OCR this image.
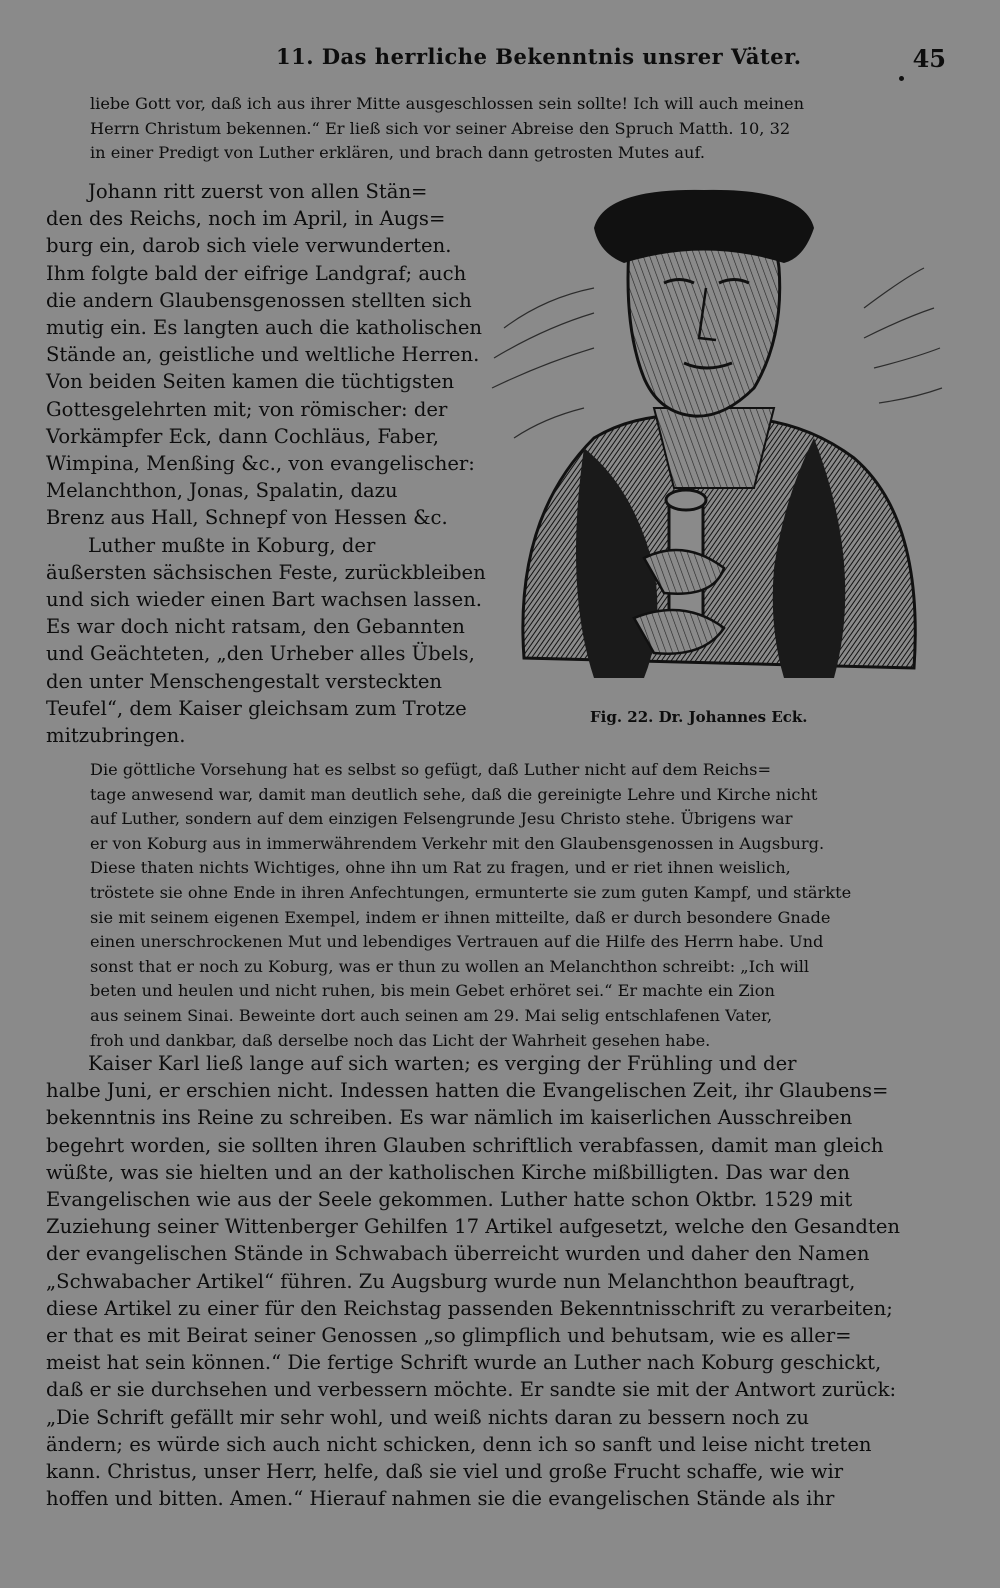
11. Das herrliche Bekenntnis unsrer Väter.	45
liebe Gott vor, daß ich aus ihrer Mitte ausgeschlossen sein sollte! Ich will auch meinen
Herrn Christum bekennen.“ Er ließ sich vor seiner Abreise den Spruch Matth. 10, 32
in einer Predigt von Luther erklären, und brach dann getrosten Mutes auf.
Johann ritt zuerst von allen Stän=
den des Reichs, noch im April, in Augs=
burg ein, darob sich viele verwunderten.
Ihm folgte bald der eifrige Landgraf; auch
die andern Glaubensgenossen stellten sich
mutig ein. Es langten auch die katholischen
Stände an, geistliche und weltliche Herren.
Von beiden Seiten kamen die tüchtigsten
Gottesgelehrten mit; von römischer: der
Vorkämpfer Eck, dann Cochläus, Faber,
Wimpina, Menßing &c., von evangelischer:
Melanchthon, Jonas, Spalatin, dazu
Brenz aus Hall, Schnepf von Hessen &c.
Luther mußte in Koburg, der
äußersten sächsischen Feste, zurückbleiben
und sich wieder einen Bart wachsen lassen.
Es war doch nicht ratsam, den Gebannten
und Geächteten, „den Urheber alles Übels,
den unter Menschengestalt versteckten
Teufel“, dem Kaiser gleichsam zum Trotze
mitzubringen.
Fig. 22. Dr. Johannes Eck.
Die göttliche Vorsehung hat es selbst so gefügt, daß Luther nicht auf dem Reichs=
tage anwesend war, damit man deutlich sehe, daß die gereinigte Lehre und Kirche nicht
auf Luther, sondern auf dem einzigen Felsengrunde Jesu Christo stehe. Übrigens war
er von Koburg aus in immerwährendem Verkehr mit den Glaubensgenossen in Augsburg.
Diese thaten nichts Wichtiges, ohne ihn um Rat zu fragen, und er riet ihnen weislich,
tröstete sie ohne Ende in ihren Anfechtungen, ermunterte sie zum guten Kampf, und stärkte
sie mit seinem eigenen Exempel, indem er ihnen mitteilte, daß er durch besondere Gnade
einen unerschrockenen Mut und lebendiges Vertrauen auf die Hilfe des Herrn habe. Und
sonst that er noch zu Koburg, was er thun zu wollen an Melanchthon schreibt: „Ich will
beten und heulen und nicht ruhen, bis mein Gebet erhöret sei.“ Er machte ein Zion
aus seinem Sinai. Beweinte dort auch seinen am 29. Mai selig entschlafenen Vater,
froh und dankbar, daß derselbe noch das Licht der Wahrheit gesehen habe.
Kaiser Karl ließ lange auf sich warten; es verging der Frühling und der
halbe Juni, er erschien nicht. Indessen hatten die Evangelischen Zeit, ihr Glaubens=
bekenntnis ins Reine zu schreiben. Es war nämlich im kaiserlichen Ausschreiben
begehrt worden, sie sollten ihren Glauben schriftlich verabfassen, damit man gleich
wüßte, was sie hielten und an der katholischen Kirche mißbilligten. Das war den
Evangelischen wie aus der Seele gekommen. Luther hatte schon Oktbr. 1529 mit
Zuziehung seiner Wittenberger Gehilfen 17 Artikel aufgesetzt, welche den Gesandten
der evangelischen Stände in Schwabach überreicht wurden und daher den Namen
„Schwabacher Artikel“ führen. Zu Augsburg wurde nun Melanchthon beauftragt,
diese Artikel zu einer für den Reichstag passenden Bekenntnisschrift zu verarbeiten;
er that es mit Beirat seiner Genossen „so glimpflich und behutsam, wie es aller=
meist hat sein können.“ Die fertige Schrift wurde an Luther nach Koburg geschickt,
daß er sie durchsehen und verbessern möchte. Er sandte sie mit der Antwort zurück:
„Die Schrift gefällt mir sehr wohl, und weiß nichts daran zu bessern noch zu
ändern; es würde sich auch nicht schicken, denn ich so sanft und leise nicht treten
kann. Christus, unser Herr, helfe, daß sie viel und große Frucht schaffe, wie wir
hoffen und bitten. Amen.“ Hierauf nahmen sie die evangelischen Stände als ihr
